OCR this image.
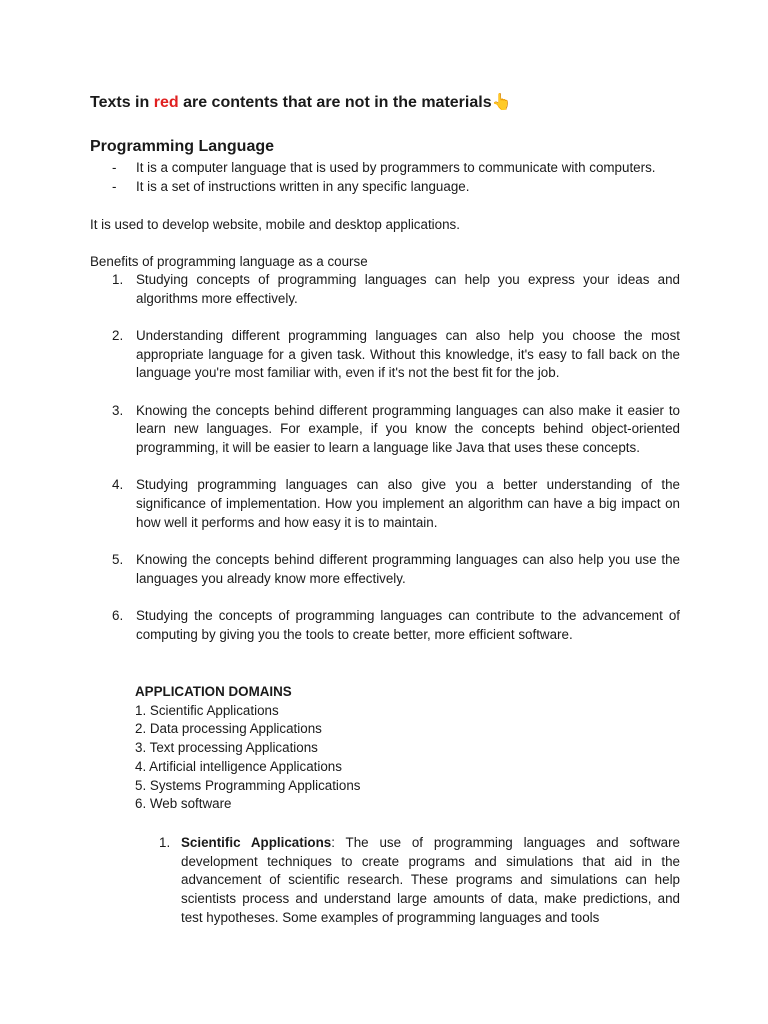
Texts in red are contents that are not in the materials👆
Programming Language
-	It is a computer language that is used by programmers to communicate with computers.
-	It is a set of instructions written in any specific language.
It is used to develop website, mobile and desktop applications.
Benefits of programming language as a course
1. Studying concepts of programming languages can help you express your ideas and algorithms more effectively.
2. Understanding different programming languages can also help you choose the most appropriate language for a given task. Without this knowledge, it's easy to fall back on the language you're most familiar with, even if it's not the best fit for the job.
3. Knowing the concepts behind different programming languages can also make it easier to learn new languages. For example, if you know the concepts behind object-oriented programming, it will be easier to learn a language like Java that uses these concepts.
4. Studying programming languages can also give you a better understanding of the significance of implementation. How you implement an algorithm can have a big impact on how well it performs and how easy it is to maintain.
5. Knowing the concepts behind different programming languages can also help you use the languages you already know more effectively.
6. Studying the concepts of programming languages can contribute to the advancement of computing by giving you the tools to create better, more efficient software.
APPLICATION DOMAINS
1. Scientific Applications
2. Data processing Applications
3. Text processing Applications
4. Artificial intelligence Applications
5. Systems Programming Applications
6. Web software
1. Scientific Applications: The use of programming languages and software development techniques to create programs and simulations that aid in the advancement of scientific research. These programs and simulations can help scientists process and understand large amounts of data, make predictions, and test hypotheses. Some examples of programming languages and tools
